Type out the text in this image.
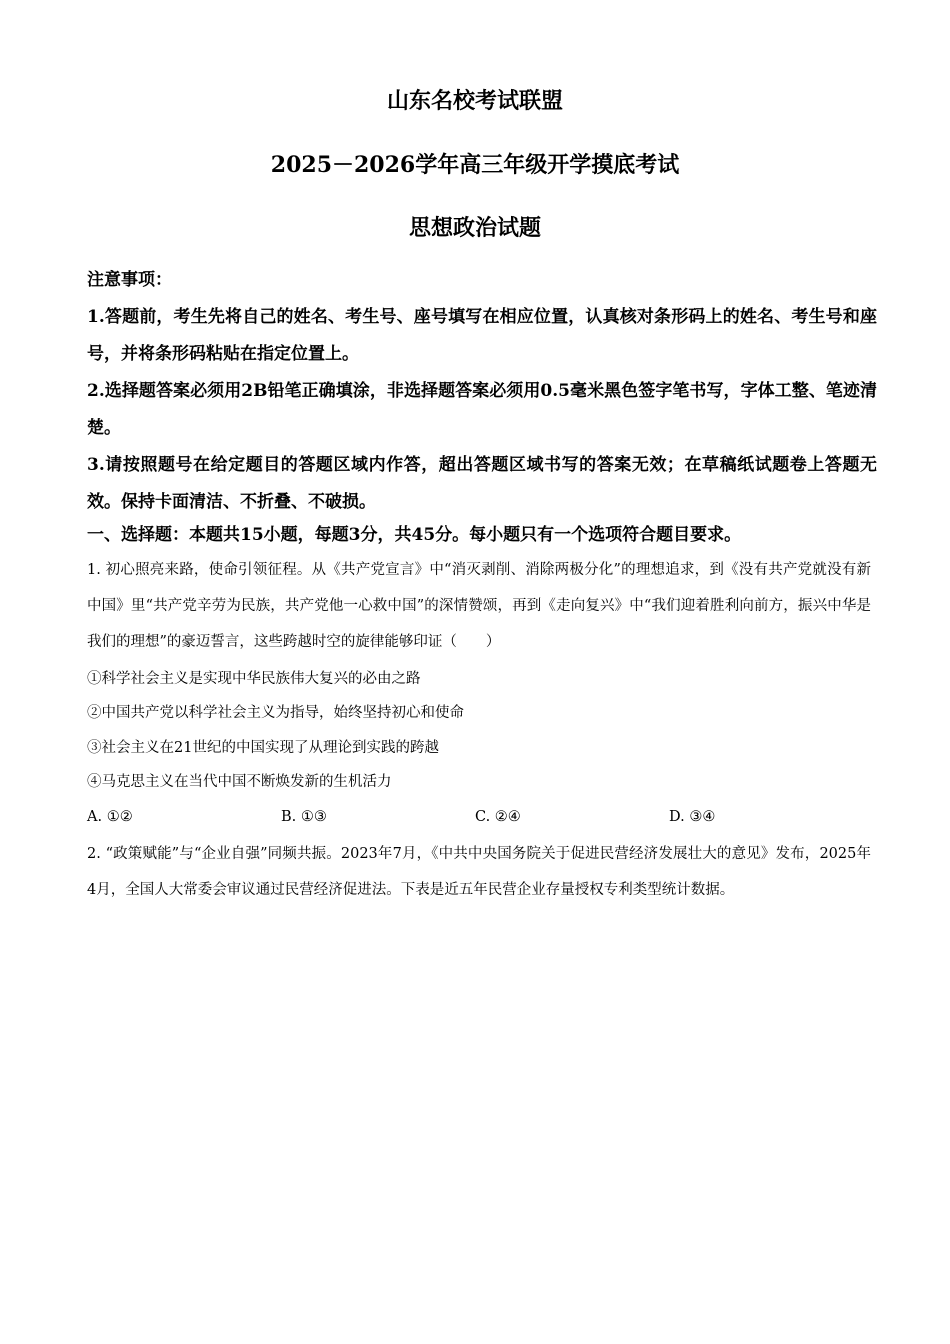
山东名校考试联盟
2025－2026学年高三年级开学摸底考试
思想政治试题
注意事项：
1.答题前，考生先将自己的姓名、考生号、座号填写在相应位置，认真核对条形码上的姓名、考生号和座号，并将条形码粘贴在指定位置上。
2.选择题答案必须用2B铅笔正确填涂，非选择题答案必须用0.5毫米黑色签字笔书写，字体工整、笔迹清楚。
3.请按照题号在给定题目的答题区域内作答，超出答题区域书写的答案无效；在草稿纸试题卷上答题无效。保持卡面清洁、不折叠、不破损。
一、选择题：本题共15小题，每题3分，共45分。每小题只有一个选项符合题目要求。
1. 初心照亮来路，使命引领征程。从《共产党宣言》中“消灭剥削、消除两极分化”的理想追求，到《没有共产党就没有新中国》里“共产党辛劳为民族，共产党他一心救中国”的深情赞颂，再到《走向复兴》中“我们迎着胜利向前方，振兴中华是我们的理想”的豪迈誓言，这些跨越时空的旋律能够印证（　　）
①科学社会主义是实现中华民族伟大复兴的必由之路
②中国共产党以科学社会主义为指导，始终坚持初心和使命
③社会主义在21世纪的中国实现了从理论到实践的跨越
④马克思主义在当代中国不断焕发新的生机活力
A. ①②	B. ①③	C. ②④	D. ③④
2. “政策赋能”与“企业自强”同频共振。2023年7月，《中共中央国务院关于促进民营经济发展壮大的意见》发布，2025年4月，全国人大常委会审议通过民营经济促进法。下表是近五年民营企业存量授权专利类型统计数据。
